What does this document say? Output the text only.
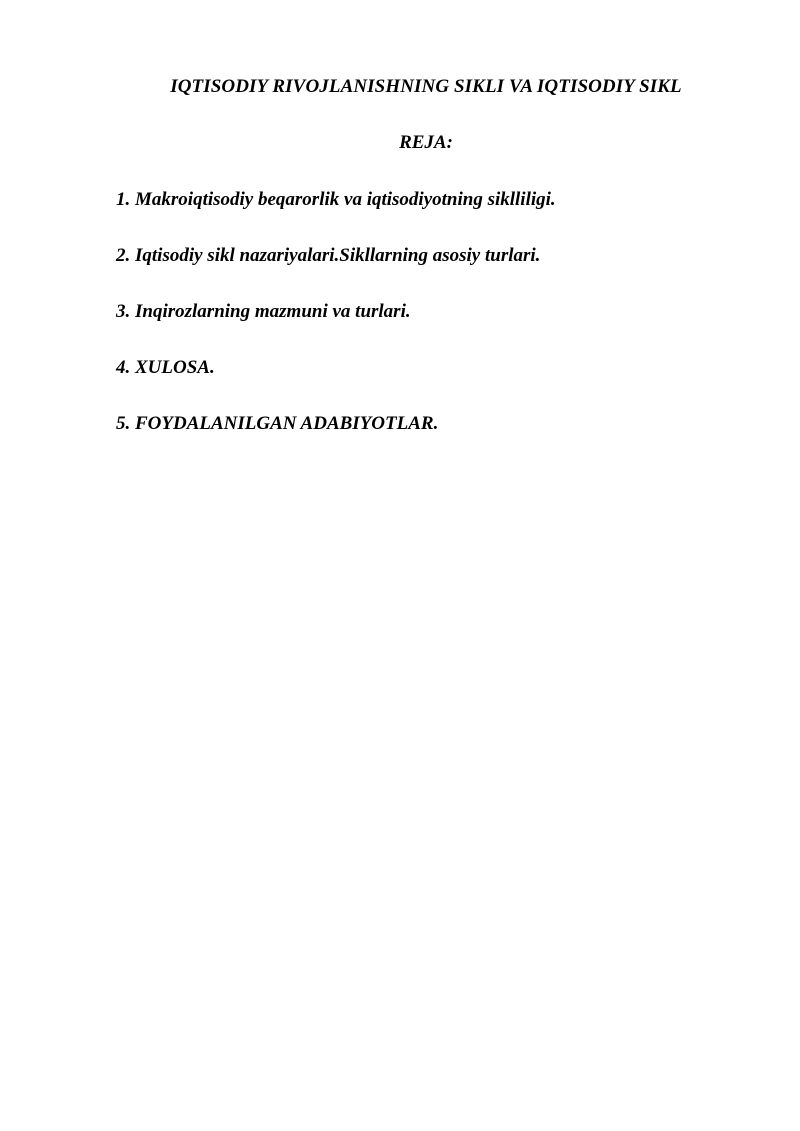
IQTISODIY RIVOJLANISHNING SIKLI VA IQTISODIY SIKL
REJA:
1. Makroiqtisodiy beqarorlik va iqtisodiyotning siklliligi.
2. Iqtisodiy sikl nazariyalari.Sikllarning asosiy turlari.
3. Inqirozlarning mazmuni va turlari.
4. XULOSA.
5. FOYDALANILGAN ADABIYOTLAR.
